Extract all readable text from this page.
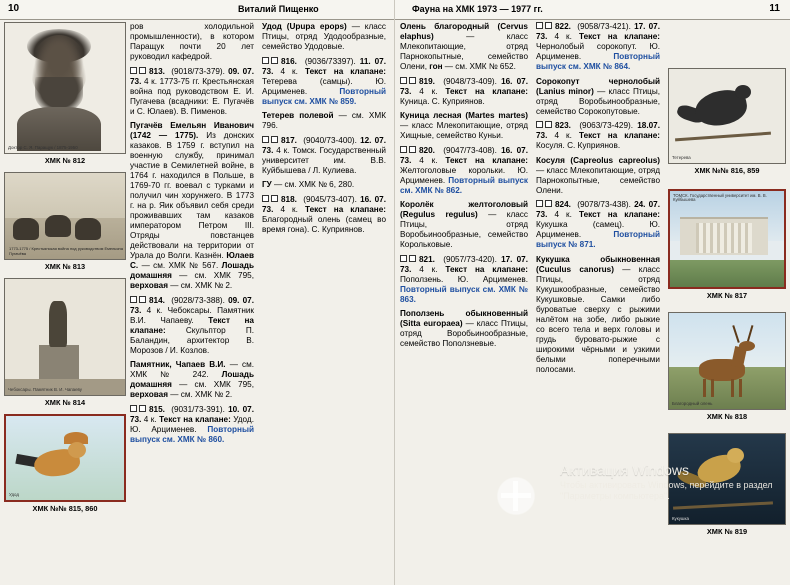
10	Виталий Пищенко	Фауна на ХМК 1973 — 1977 гг.	11
Доктор С. Я. Паращук / 1875-1950
ХМК № 812
1773-1775 / Крестьянская война под руководством Емельяна Пугачёва
ХМК № 813
Чебоксары. Памятник В. И. Чапаеву
ХМК № 814
Удод
ХМК №№ 815, 860

ров холодильной промышленности), в котором Паращук почти 20 лет руководил кафедрой.

813.  (9018/73-379). 09. 07. 73. 4 к. 1773-75 гг. Крестьянская война под руководством Е. И. Пугачева (всадники: Е. Пугачёв и С. Юлаев). В. Пименов.

Пугачёв Емельян Иванович (1742 — 1775). Из донских казаков. В 1759 г. вступил на военную службу, принимал участие в Семилетней войне, в 1764 г. находился в Польше, в 1769-70 гг. воевал с турками и получил чин хорунжего. В 1773 г. на р. Яик объявил себя среди проживавших там казаков императором Петром III. Отряды повстанцев действовали на территории от Урала до Волги. Казнён. Юлаев С. — см. ХМК № 567. Лошадь домашняя — см. ХМК 795, верховая — см. ХМК № 2.

814.  (9028/73-388). 09. 07. 73. 4 к. Чебоксары. Памятник В.И. Чапаеву. Текст на клапане: Скульптор П. Баландин, архитектор В. Морозов / И. Козлов.

Памятник, Чапаев В.И. — см. ХМК № 242. Лошадь домашняя — см. ХМК 795, верховая — см. ХМК № 2.

815.  (9031/73-391). 10. 07. 73. 4 к. Текст на клапане: Удод. Ю. Арцименев. Повторный выпуск см. ХМК № 860.

Удод (Upupa epops) — класс Птицы, отряд Удодообразные, семейство Удодовые.

816.  (9036/73397). 11. 07. 73. 4 к. Текст на клапане: Тетерева (самцы). Ю. Арцименев. Повторный выпуск см. ХМК № 859.

Тетерев полевой — см. ХМК 796.

817.  (9040/73-400). 12. 07. 73. 4 к. Томск. Государственный университет им. В.В. Куйбышева / Л. Кулиева.

ГУ — см. ХМК № 6, 280.

818.  (9045/73-407). 16. 07. 73. 4 к. Текст на клапане: Благородный олень (самец во время гона). С. Куприянов.

Олень благородный (Cervus elaphus) — класс Млекопитающие, отряд Парнокопытные, семейство Олени, гон — см. ХМК № 652.

819.  (9048/73-409). 16. 07. 73. 4 к. Текст на клапане: Куница. С. Куприянов.

Куница лесная (Martes martes) — класс Млекопитающие, отряд Хищные, семейство Куньи.

820.  (9047/73-408). 16. 07. 73. 4 к. Текст на клапане: Желтоголовые корольки. Ю. Арцименев. Повторный выпуск см. ХМК № 862.

Королёк желтоголовый (Regulus regulus) — класс Птицы, отряд Воробьинообразные, семейство Корольковые.

821.  (9057/73-420). 17. 07. 73. 4 к. Текст на клапане: Поползень. Ю. Арцименев. Повторный выпуск см. ХМК № 863.

Поползень обыкновенный (Sitta europaea) — класс Птицы, отряд Воробьинообразные, семейство Поползневые.

822.  (9058/73-421). 17. 07. 73. 4 к. Текст на клапане: Чернолобый сорокопут. Ю. Арцименев. Повторный выпуск см. ХМК № 864.

Сорокопут чернолобый (Lanius minor) — класс Птицы, отряд Воробьинообразные, семейство Сорокопутовые.

823.  (9063/73-429). 18.07. 73. 4 к. Текст на клапане: Косуля. С. Куприянов.

Косуля (Capreolus capreolus) — класс Млекопитающие, отряд Парнокопытные, семейство Олени.

824.  (9078/73-438). 24. 07. 73. 4 к. Текст на клапане: Кукушка (самец). Ю. Арцименев. Повторный выпуск № 871.

Кукушка обыкновенная (Cuculus canorus) — класс Птицы, отряд Кукушкообразные, семейство Кукушковые. Самки либо буроватые сверху с рыжими налётом на зобе, либо рыжие со всего тела и верх головы и грудь буровато-рыжие с широкими чёрными и узкими белыми поперечными полосами.

Тетерева
ХМК №№ 816, 859
ТОМСК. Государственный университет им. В. В. Куйбышева
ХМК № 817
Благородный олень
ХМК № 818
Кукушка
ХМК № 819
Активация Windows
Чтобы активировать Windows, перейдите в раздел "Параметры компьютера".
